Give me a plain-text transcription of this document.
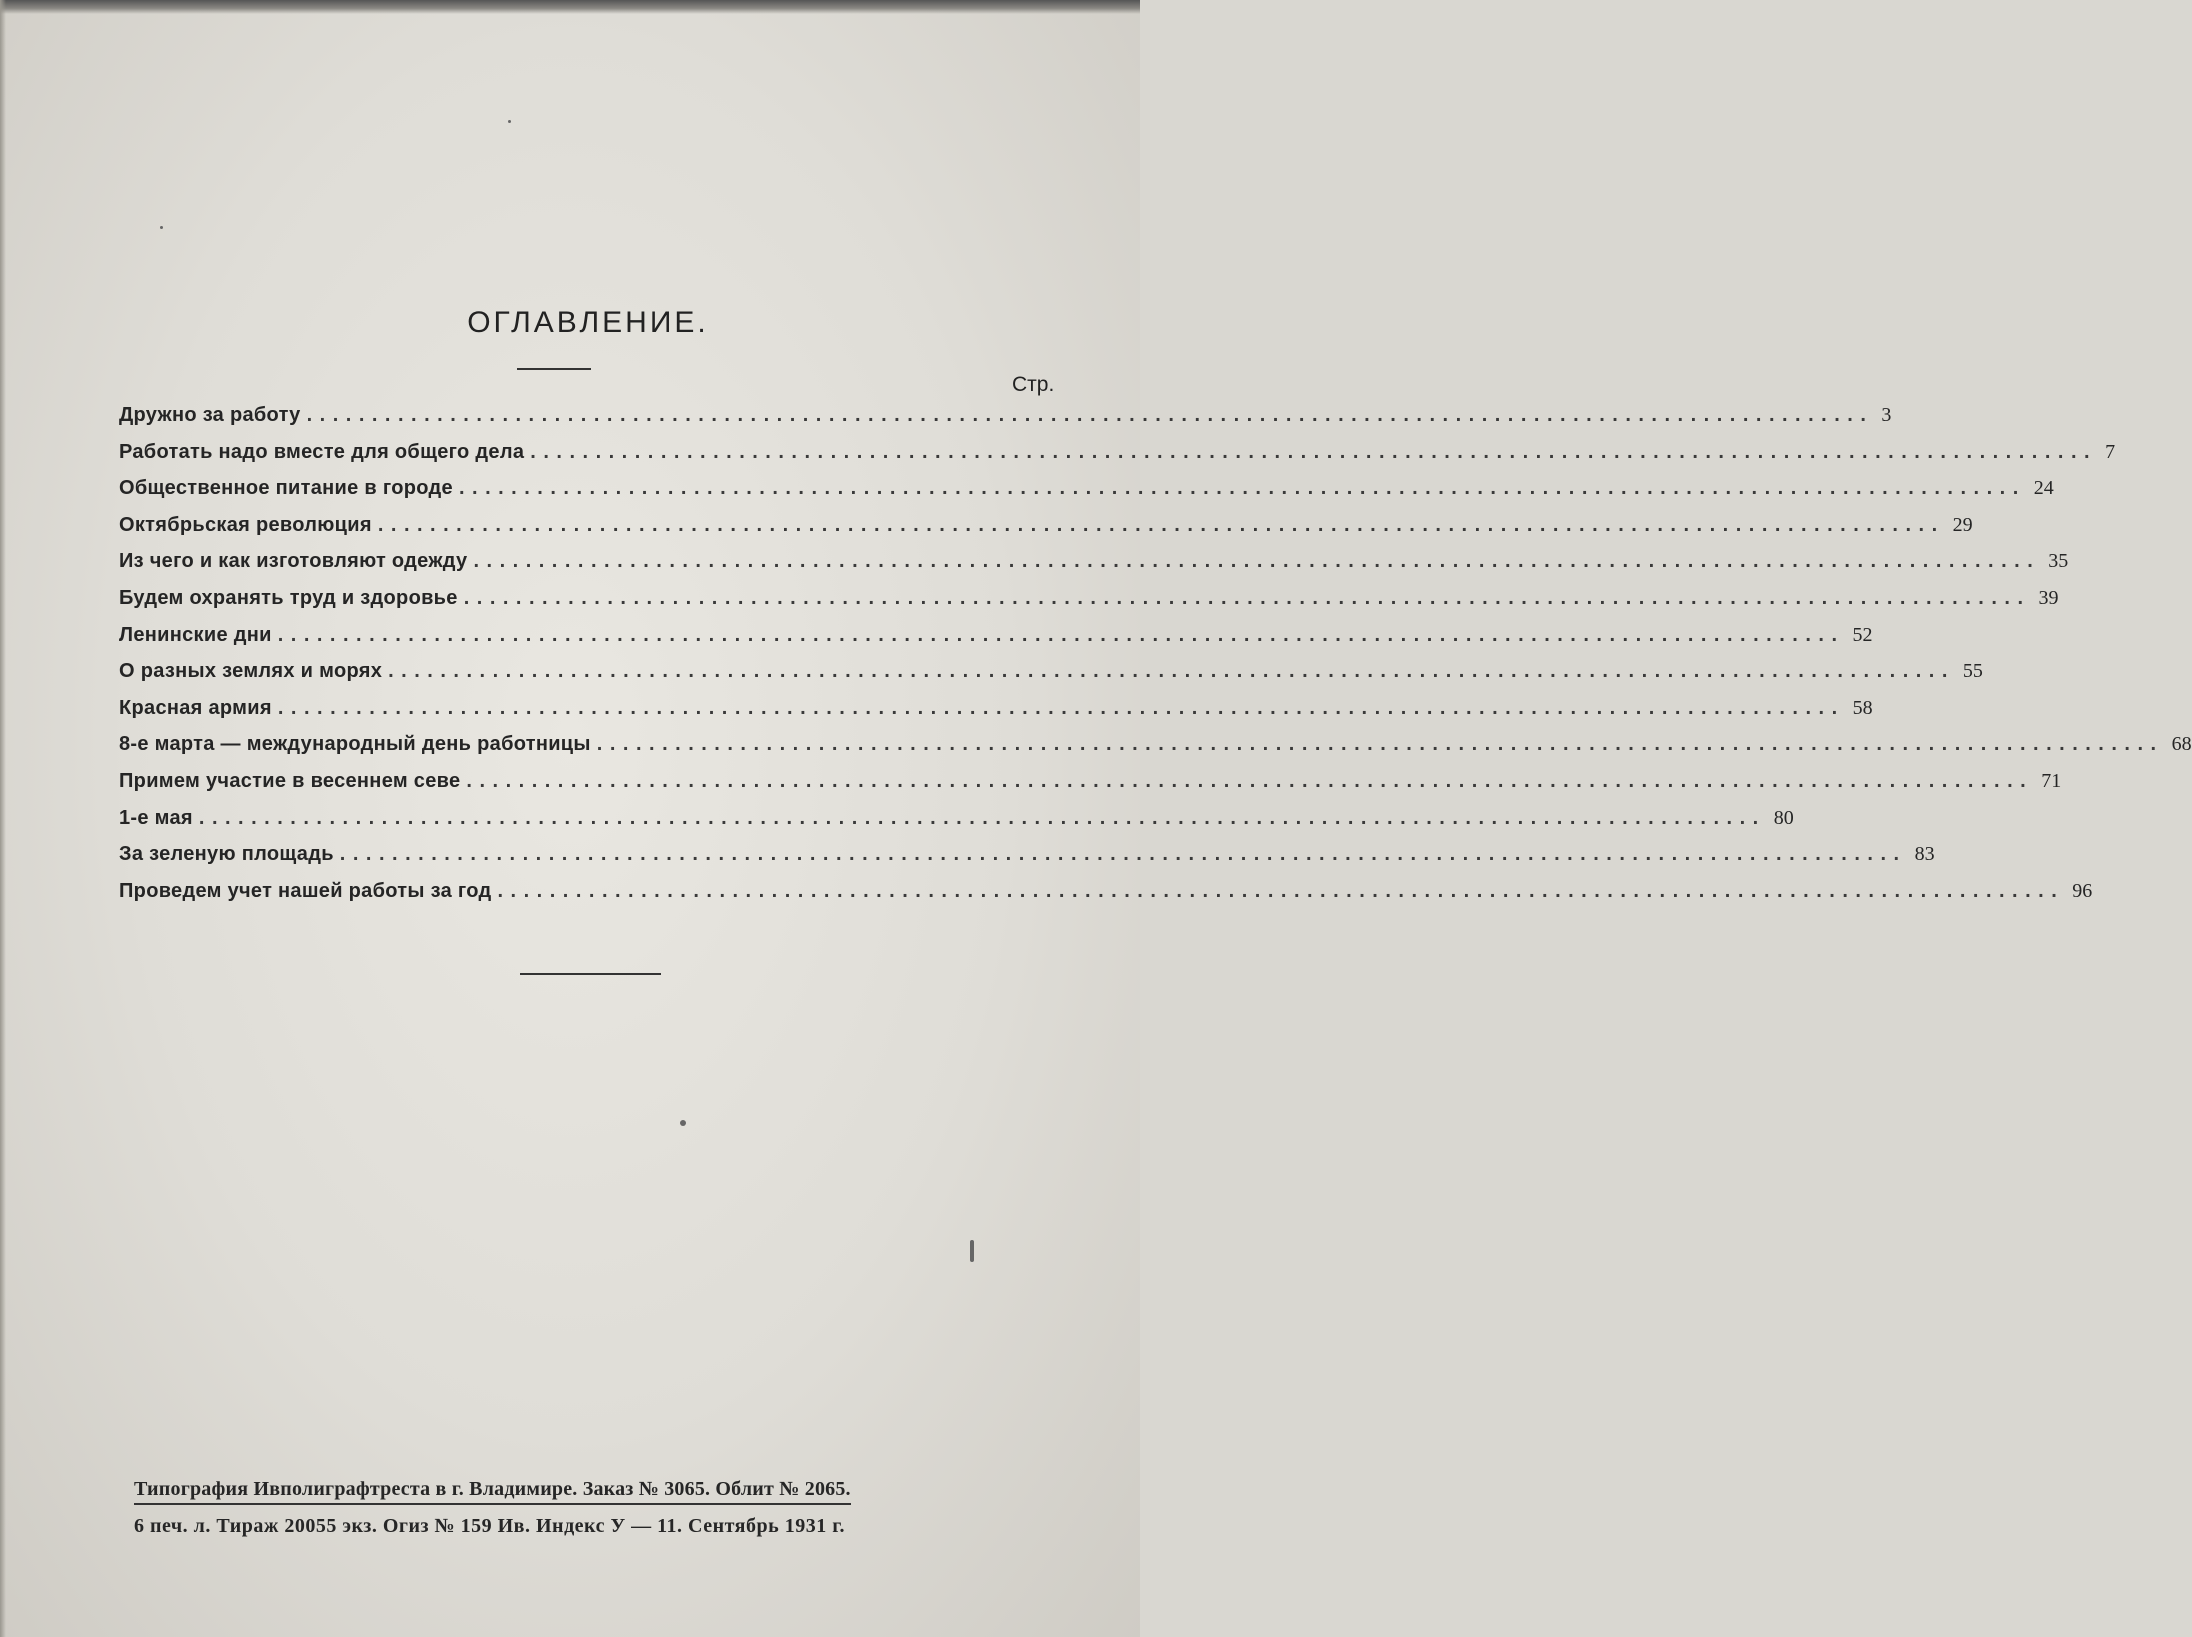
ОГЛАВЛЕНИЕ.
Стр.
Дружно за работу ........................................................................................................................ 3
Работать надо вместе для общего дела ........................................................................................................................ 7
Общественное питание в городе ........................................................................................................................ 24
Октябрьская революция ........................................................................................................................ 29
Из чего и как изготовляют одежду ........................................................................................................................ 35
Будем охранять труд и здоровье ........................................................................................................................ 39
Ленинские дни ........................................................................................................................ 52
О разных землях и морях ........................................................................................................................ 55
Красная армия ........................................................................................................................ 58
8-е марта — международный день работницы ........................................................................................................................ 68
Примем участие в весеннем севе ........................................................................................................................ 71
1-е мая ........................................................................................................................ 80
За зеленую площадь ........................................................................................................................ 83
Проведем учет нашей работы за год ........................................................................................................................ 96
Типография Ивполиграфтреста в г. Владимире. Заказ № 3065. Облит № 2065.
6 печ. л. Тираж 20055 экз. Огиз № 159 Ив. Индекс У — 11. Сентябрь 1931 г.
